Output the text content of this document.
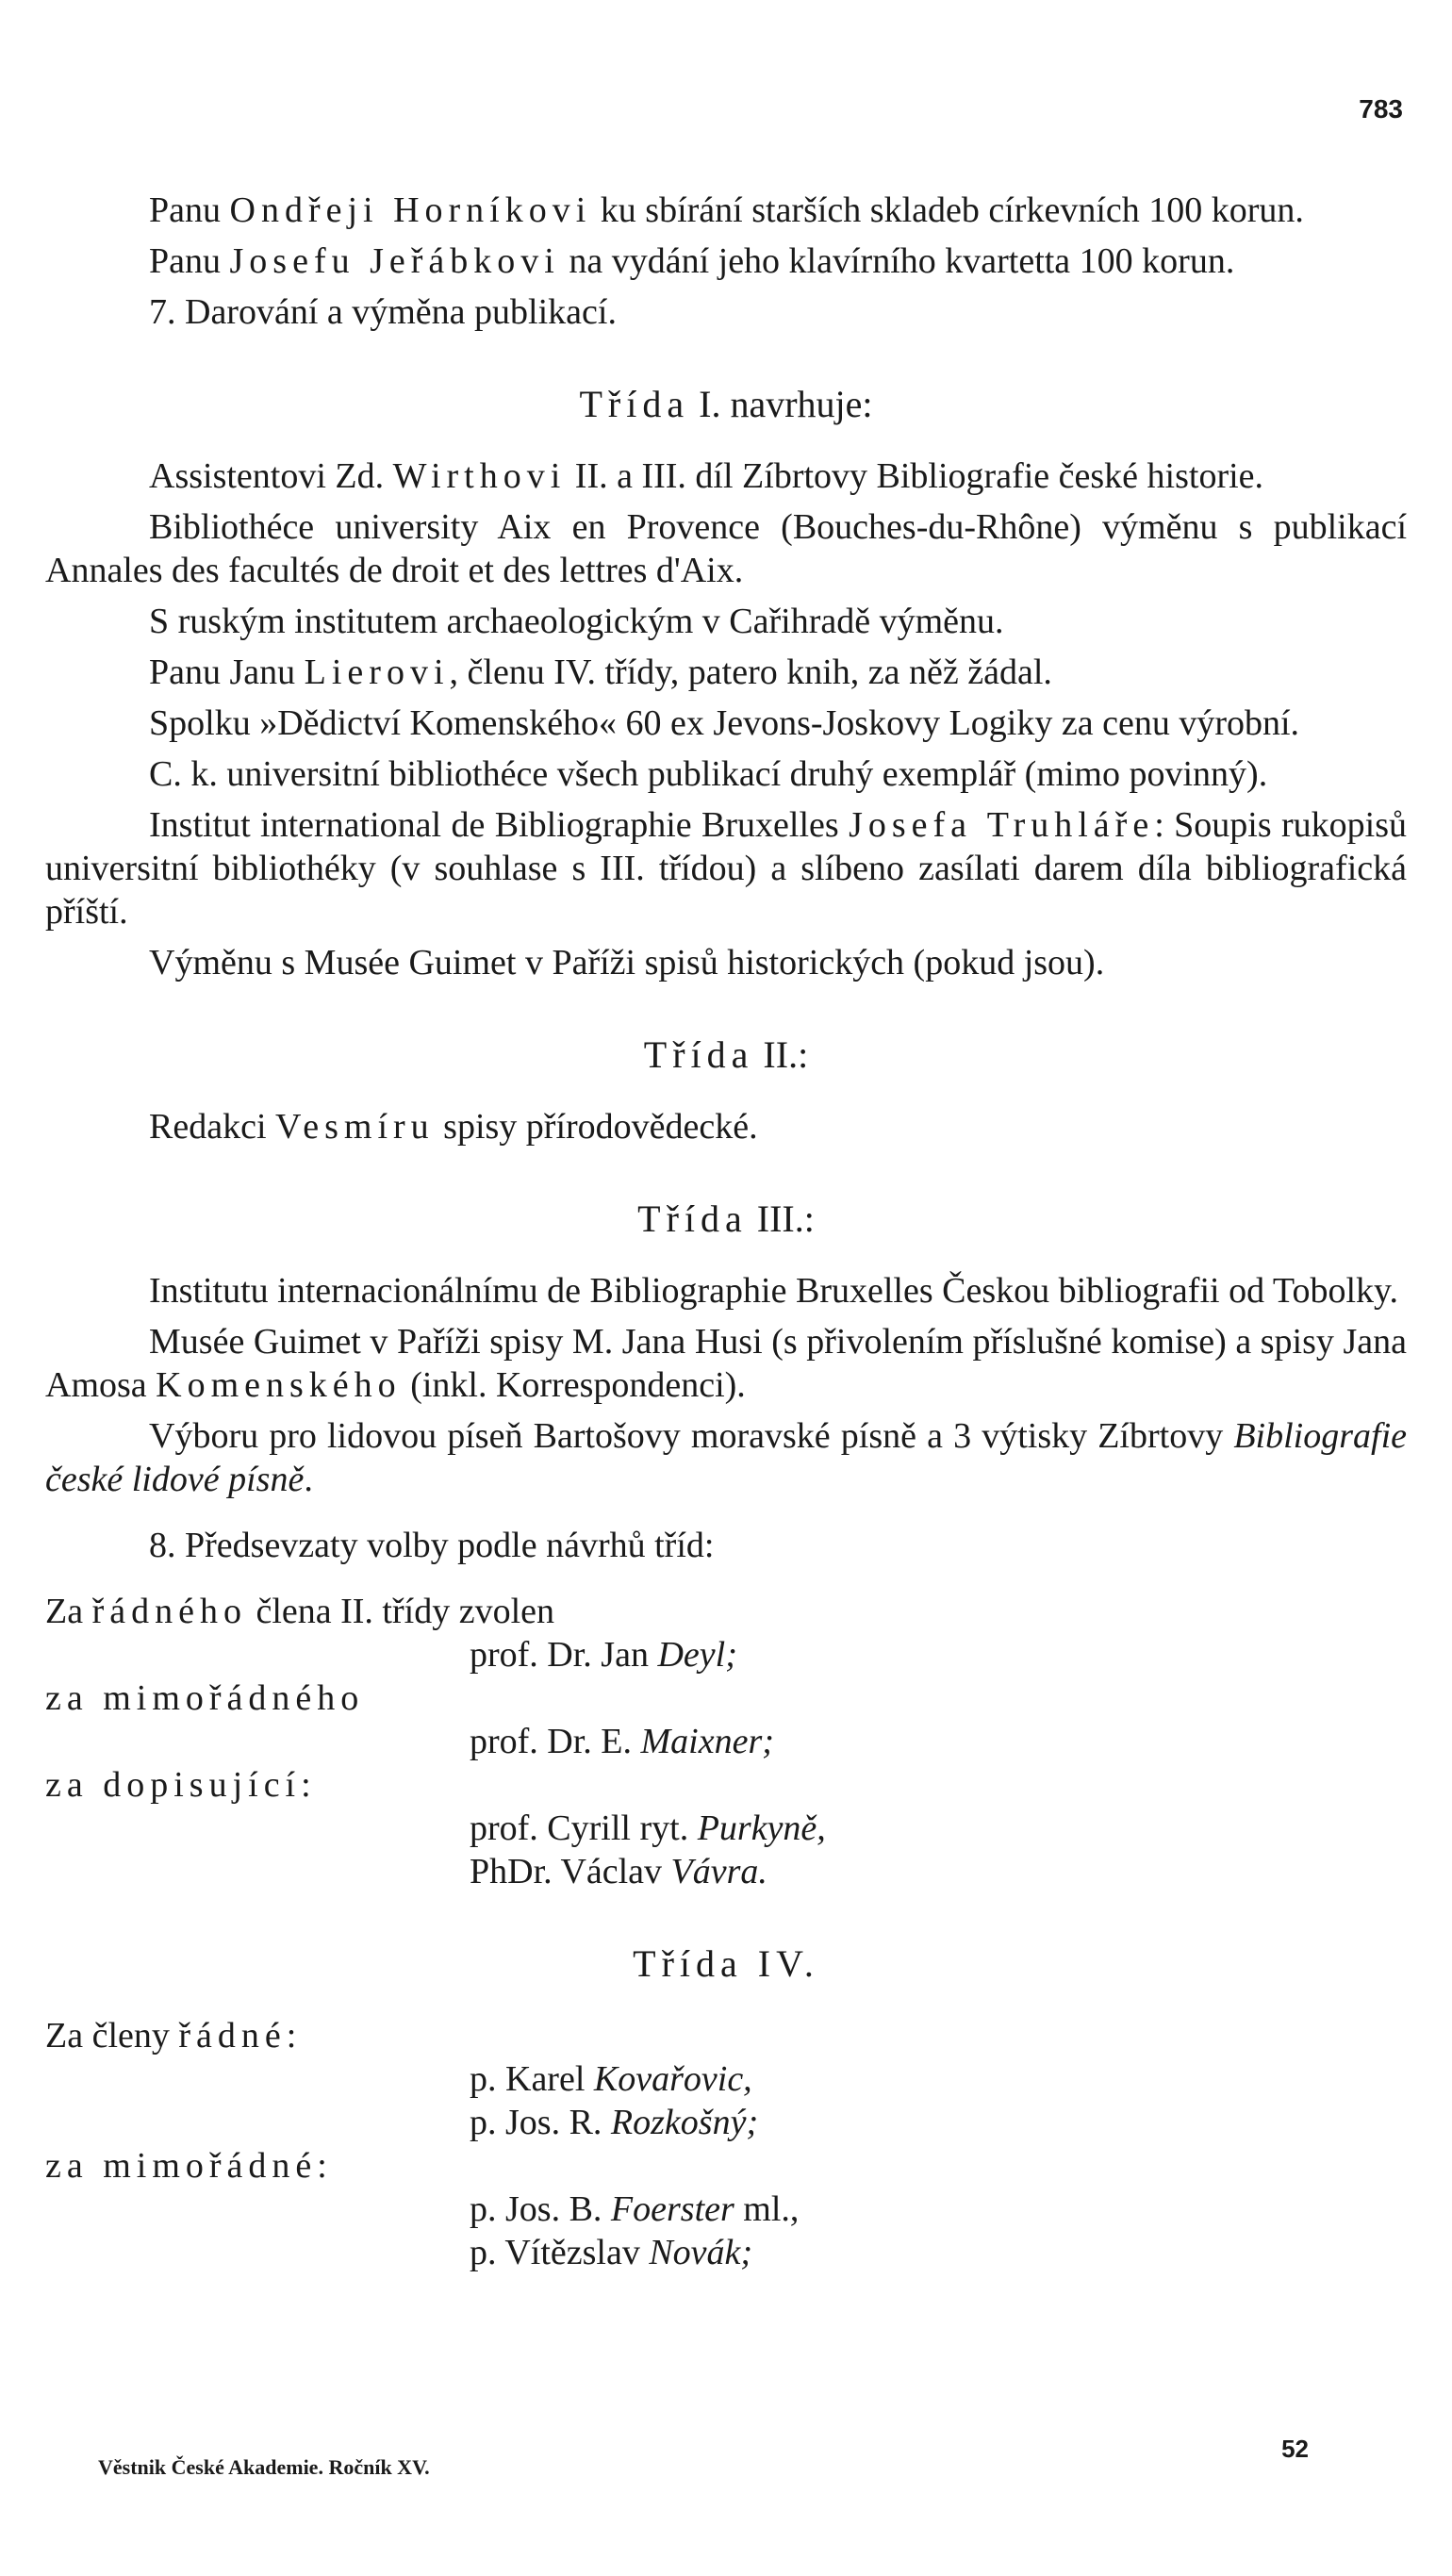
783

Panu Ondřeji Horníkovi ku sbírání starších skladeb církevních 100 korun.

Panu Josefu Jeřábkovi na vydání jeho klavírního kvartetta 100 korun.

7. Darování a výměna publikací.

Třída I. navrhuje:

Assistentovi Zd. Wirthovi II. a III. díl Zíbrtovy Bibliografie české historie.

Bibliothéce university Aix en Provence (Bouches-du-Rhône) výměnu s publikací Annales des facultés de droit et des lettres d'Aix.

S ruským institutem archaeologickým v Cařihradě výměnu.

Panu Janu Lierovi, členu IV. třídy, patero knih, za něž žádal.

Spolku »Dědictví Komenského« 60 ex Jevons-Joskovy Logiky za cenu výrobní.

C. k. universitní bibliothéce všech publikací druhý exemplář (mimo povinný).

Institut international de Bibliographie Bruxelles Josefa Truhláře: Soupis rukopisů universitní bibliothéky (v souhlase s III. třídou) a slíbeno zasílati darem díla bibliografická příští.

Výměnu s Musée Guimet v Paříži spisů historických (pokud jsou).

Třída II.:

Redakci Vesmíru spisy přírodovědecké.

Třída III.:

Institutu internacionálnímu de Bibliographie Bruxelles Českou bibliografii od Tobolky.

Musée Guimet v Paříži spisy M. Jana Husi (s přivolením příslušné komise) a spisy Jana Amosa Komenského (inkl. Korrespondenci).

Výboru pro lidovou píseň Bartošovy moravské písně a 3 výtisky Zíbrtovy Bibliografie české lidové písně.

8. Předsevzaty volby podle návrhů tříd:

Za řádného člena II. třídy zvolen

prof. Dr. Jan Deyl;

za mimořádného

prof. Dr. E. Maixner;

za dopisující:

prof. Cyrill ryt. Purkyně,

PhDr. Václav Vávra.

Třída IV.

Za členy řádné:

p. Karel Kovařovic,

p. Jos. R. Rozkošný;

za mimořádné:

p. Jos. B. Foerster ml.,

p. Vítězslav Novák;

Věstnik České Akademie. Ročník XV.
52
